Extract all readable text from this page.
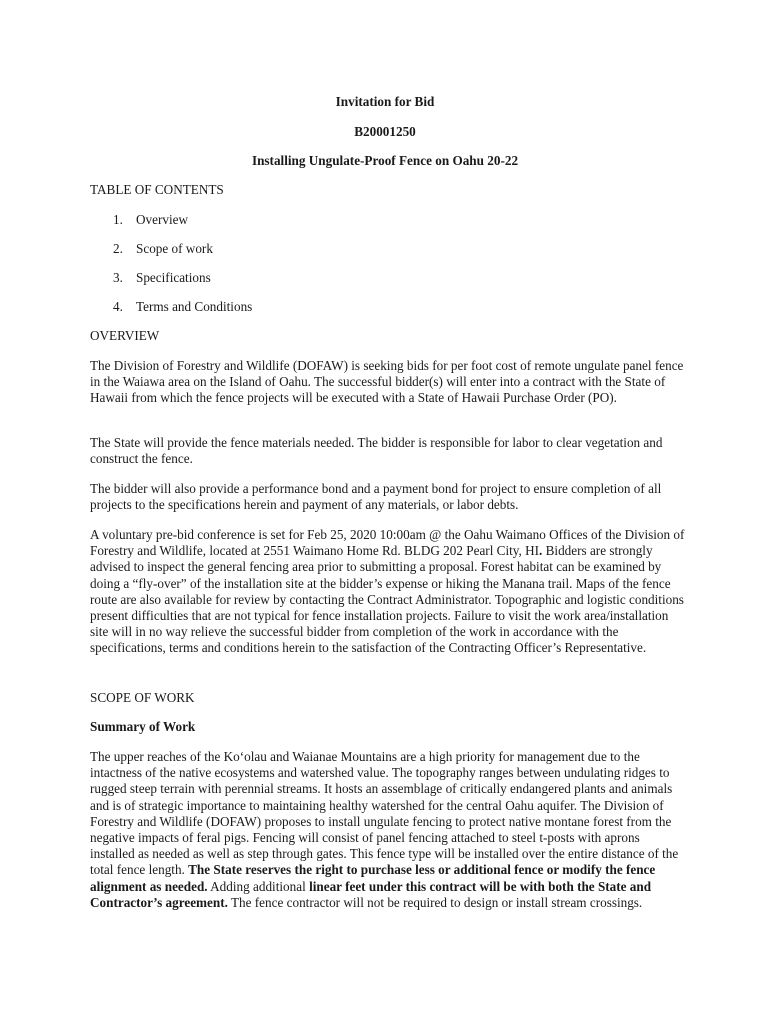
Invitation for Bid

B20001250

Installing Ungulate-Proof Fence on Oahu 20-22

TABLE OF CONTENTS

1. Overview

2. Scope of work

3. Specifications

4. Terms and Conditions

OVERVIEW

The Division of Forestry and Wildlife (DOFAW) is seeking bids for per foot cost of remote ungulate panel fence in the Waiawa area on the Island of Oahu. The successful bidder(s) will enter into a contract with the State of Hawaii from which the fence projects will be executed with a State of Hawaii Purchase Order (PO).

The State will provide the fence materials needed. The bidder is responsible for labor to clear vegetation and construct the fence.

The bidder will also provide a performance bond and a payment bond for project to ensure completion of all projects to the specifications herein and payment of any materials, or labor debts.

A voluntary pre-bid conference is set for Feb 25, 2020 10:00am @ the Oahu Waimano Offices of the Division of Forestry and Wildlife, located at 2551 Waimano Home Rd. BLDG 202 Pearl City, HI. Bidders are strongly advised to inspect the general fencing area prior to submitting a proposal. Forest habitat can be examined by doing a “fly-over” of the installation site at the bidder’s expense or hiking the Manana trail. Maps of the fence route are also available for review by contacting the Contract Administrator. Topographic and logistic conditions present difficulties that are not typical for fence installation projects. Failure to visit the work area/installation site will in no way relieve the successful bidder from completion of the work in accordance with the specifications, terms and conditions herein to the satisfaction of the Contracting Officer’s Representative.

SCOPE OF WORK

Summary of Work

The upper reaches of the Koʻolau and Waianae Mountains are a high priority for management due to the intactness of the native ecosystems and watershed value. The topography ranges between undulating ridges to rugged steep terrain with perennial streams. It hosts an assemblage of critically endangered plants and animals and is of strategic importance to maintaining healthy watershed for the central Oahu aquifer. The Division of Forestry and Wildlife (DOFAW) proposes to install ungulate fencing to protect native montane forest from the negative impacts of feral pigs. Fencing will consist of panel fencing attached to steel t-posts with aprons installed as needed as well as step through gates. This fence type will be installed over the entire distance of the total fence length. The State reserves the right to purchase less or additional fence or modify the fence alignment as needed. Adding additional linear feet under this contract will be with both the State and Contractor’s agreement. The fence contractor will not be required to design or install stream crossings.
